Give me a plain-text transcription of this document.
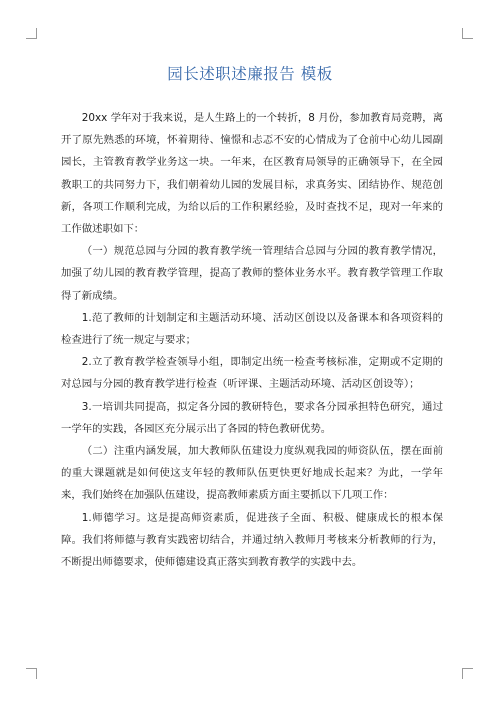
园长述职述廉报告 模板

20xx 学年对于我来说，是人生路上的一个转折，8 月份，参加教育局竞聘，离开了原先熟悉的环境，怀着期待、憧憬和忐忑不安的心情成为了仓前中心幼儿园副园长，主管教育教学业务这一块。一年来，在区教育局领导的正确领导下，在全园教职工的共同努力下，我们朝着幼儿园的发展目标，求真务实、团结协作、规范创新，各项工作顺利完成，为给以后的工作积累经验，及时查找不足，现对一年来的工作做述职如下：

（一）规范总园与分园的教育教学统一管理结合总园与分园的教育教学情况，加强了幼儿园的教育教学管理，提高了教师的整体业务水平。教育教学管理工作取得了新成绩。

1.范了教师的计划制定和主题活动环境、活动区创设以及备课本和各项资料的检查进行了统一规定与要求；

2.立了教育教学检查领导小组，即制定出统一检查考核标准，定期或不定期的对总园与分园的教育教学进行检查（听评课、主题活动环境、活动区创设等）；

3.一培训共同提高，拟定各分园的教研特色，要求各分园承担特色研究，通过一学年的实践，各园区充分展示出了各园的特色教研优势。

（二）注重内涵发展，加大教师队伍建设力度纵观我园的师资队伍，摆在面前的重大课题就是如何使这支年轻的教师队伍更快更好地成长起来？为此，一学年来，我们始终在加强队伍建设，提高教师素质方面主要抓以下几项工作：

1.师德学习。这是提高师资素质，促进孩子全面、积极、健康成长的根本保障。我们将师德与教育实践密切结合，并通过纳入教师月考核来分析教师的行为，不断提出师德要求，使师德建设真正落实到教育教学的实践中去。
